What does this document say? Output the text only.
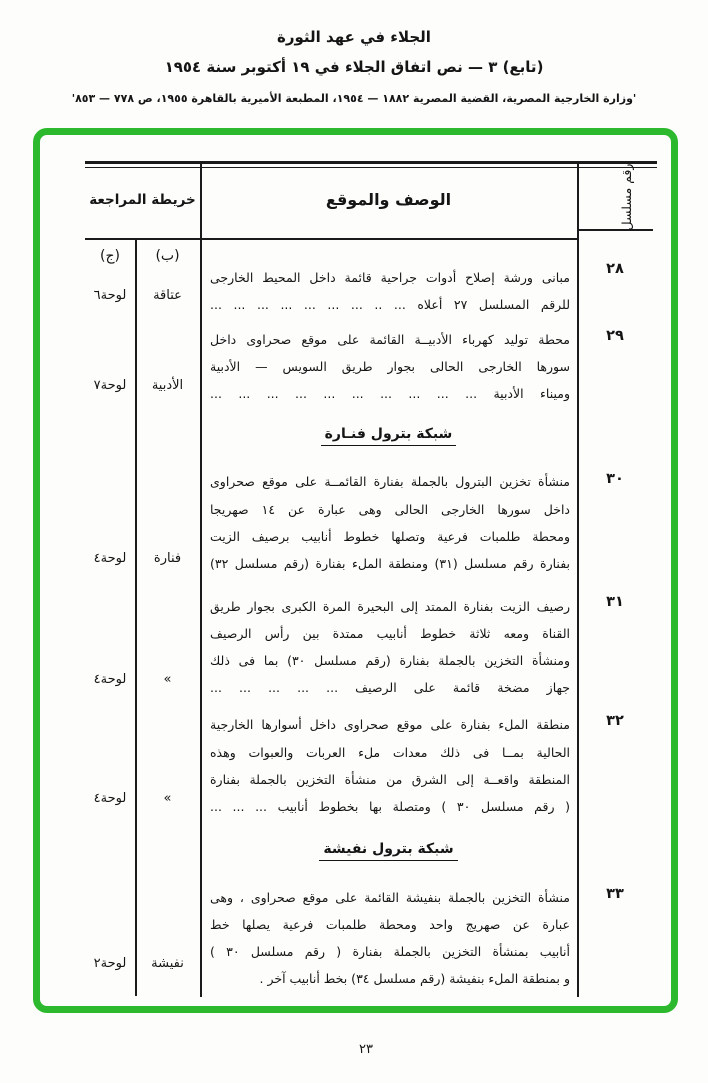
الجلاء في عهد الثورة
(تابع) ٣ — نص اتفاق الجلاء في ١٩ أكتوبر سنة ١٩٥٤
'وزارة الخارجية المصرية، القضية المصرية ١٨٨٢ — ١٩٥٤، المطبعة الأميرية بالقاهرة ١٩٥٥، ص ٧٧٨ — ٨٥٣'
رقم مسلسل
الوصف والموقع
خريطة المراجعة
(ب)
(ج)
٢٨
مبانى ورشة إصلاح أدوات جراحية قائمة داخل المحيط الخارجى
للرقم المسلسل ٢٧ أعلاه ... .. ... ... ... ... ... ... ...
عتاقة
لوحة٦
٢٩
محطة توليد كهرباء الأدبيــة القائمة على موقع صحراوى داخل
سورها الخارجى الحالى بجوار طريق السويس — الأدبية
وميناء الأدبية ... ... ... ... ... ... ... ... ... ...
الأدبية
لوحة٧
شبكة بترول فنـارة
٣٠
منشأة تخزين البترول بالجملة بفنارة القائمــة على موقع صحراوى
داخل سورها الخارجى الحالى وهى عبارة عن ١٤ صهريجا
ومحطة طلمبات فرعية وتصلها خطوط أنابيب برصيف الزيت
بفنارة رقم مسلسل (٣١) ومنطقة الملء بفنارة (رقم مسلسل ٣٢)
فنارة
لوحة٤
٣١
رصيف الزيت بفنارة الممتد إلى البحيرة المرة الكبرى بجوار طريق
القناة ومعه ثلاثة خطوط أنابيب ممتدة بين رأس الرصيف
ومنشأة التخزين بالجملة بفنارة (رقم مسلسل ٣٠) بما فى ذلك
جهاز مضخة قائمة على الرصيف ... ... ... ... ...
»
لوحة٤
٣٢
منطقة الملء بفنارة على موقع صحراوى داخل أسوارها الخارجية
الحالية بمــا فى ذلك معدات ملء العربات والعبوات وهذه
المنطقة واقعــة إلى الشرق من منشأة التخزين بالجملة بفنارة
( رقم مسلسل ٣٠ ) ومتصلة بها بخطوط أنابيب ... ... ...
»
لوحة٤
شبكة بترول نفيشة
٣٣
منشأة التخزين بالجملة بنفيشة القائمة على موقع صحراوى ، وهى
عبارة عن صهريج واحد ومحطة طلمبات فرعية يصلها خط
أنابيب بمنشأة التخزين بالجملة بفنارة ( رقم مسلسل ٣٠ )
و بمنطقة الملء بنفيشة (رقم مسلسل ٣٤) بخط أنابيب آخر .
نفيشة
لوحة٢
٢٣
